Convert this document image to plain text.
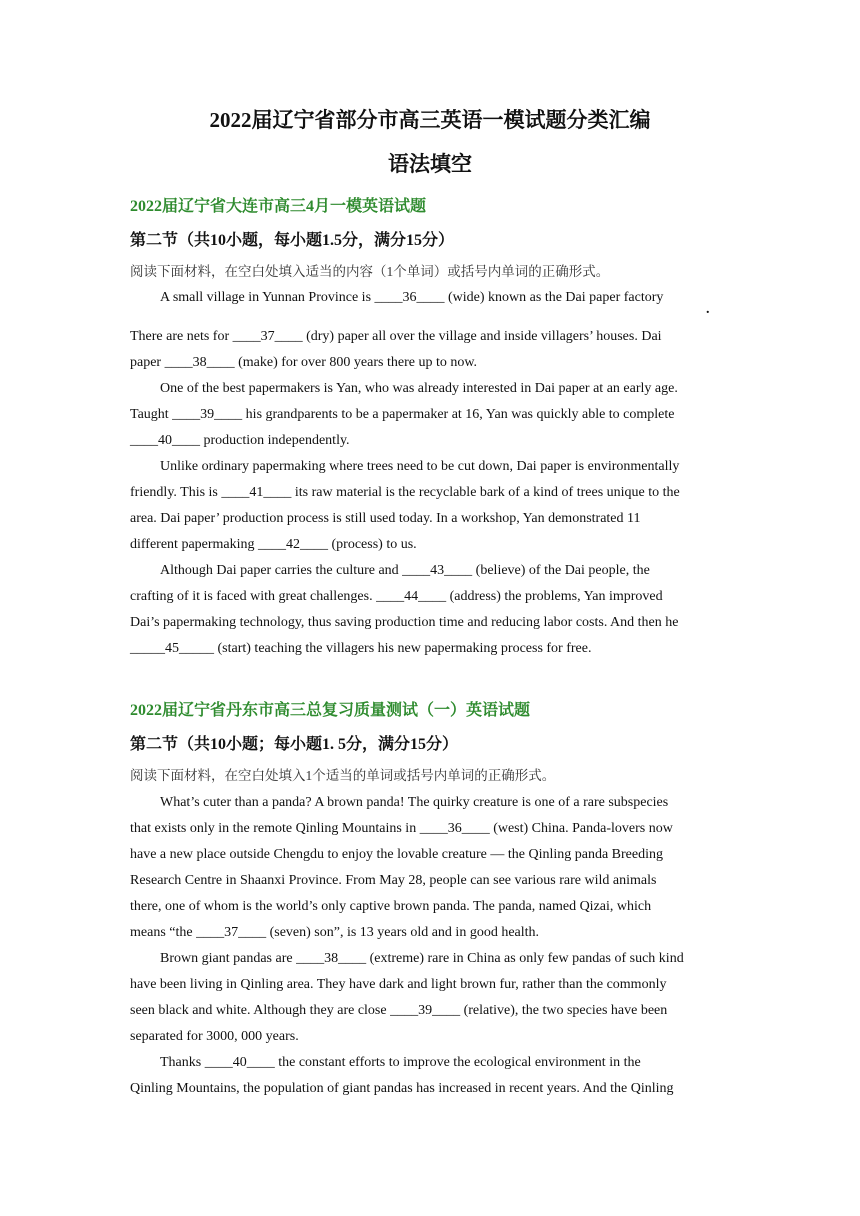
2022届辽宁省部分市高三英语一模试题分类汇编
语法填空
2022届辽宁省大连市高三4月一模英语试题
第二节（共10小题，每小题1.5分，满分15分）

阅读下面材料，在空白处填入适当的内容（1个单词）或括号内单词的正确形式。

A small village in Yunnan Province is ____36____ (wide) known as the Dai paper factory
There are nets for ____37____ (dry) paper all over the village and inside villagers’ houses. Dai
paper ____38____ (make) for over 800 years there up to now.
One of the best papermakers is Yan, who was already interested in Dai paper at an early age.
Taught ____39____ his grandparents to be a papermaker at 16, Yan was quickly able to complete
____40____ production independently.
Unlike ordinary papermaking where trees need to be cut down, Dai paper is environmentally
friendly. This is ____41____ its raw material is the recyclable bark of a kind of trees unique to the
area. Dai paper’ production process is still used today. In a workshop, Yan demonstrated 11
different papermaking ____42____ (process) to us.
Although Dai paper carries the culture and ____43____ (believe) of the Dai people, the
crafting of it is faced with great challenges. ____44____ (address) the problems, Yan improved
Dai’s papermaking technology, thus saving production time and reducing labor costs. And then he
_____45_____ (start) teaching the villagers his new papermaking process for free.
.
2022届辽宁省丹东市高三总复习质量测试（一）英语试题
第二节（共10小题；每小题1. 5分，满分15分）

阅读下面材料，在空白处填入1个适当的单词或括号内单词的正确形式。

What’s cuter than a panda? A brown panda! The quirky creature is one of a rare subspecies
that exists only in the remote Qinling Mountains in ____36____ (west) China. Panda-lovers now
have a new place outside Chengdu to enjoy the lovable creature — the Qinling panda Breeding
Research Centre in Shaanxi Province. From May 28, people can see various rare wild animals
there, one of whom is the world’s only captive brown panda. The panda, named Qizai, which
means “the ____37____ (seven) son”, is 13 years old and in good health.
Brown giant pandas are ____38____ (extreme) rare in China as only few pandas of such kind
have been living in Qinling area. They have dark and light brown fur, rather than the commonly
seen black and white. Although they are close ____39____ (relative), the two species have been
separated for 3000, 000 years.
Thanks ____40____ the constant efforts to improve the ecological environment in the
Qinling Mountains, the population of giant pandas has increased in recent years. And the Qinling
